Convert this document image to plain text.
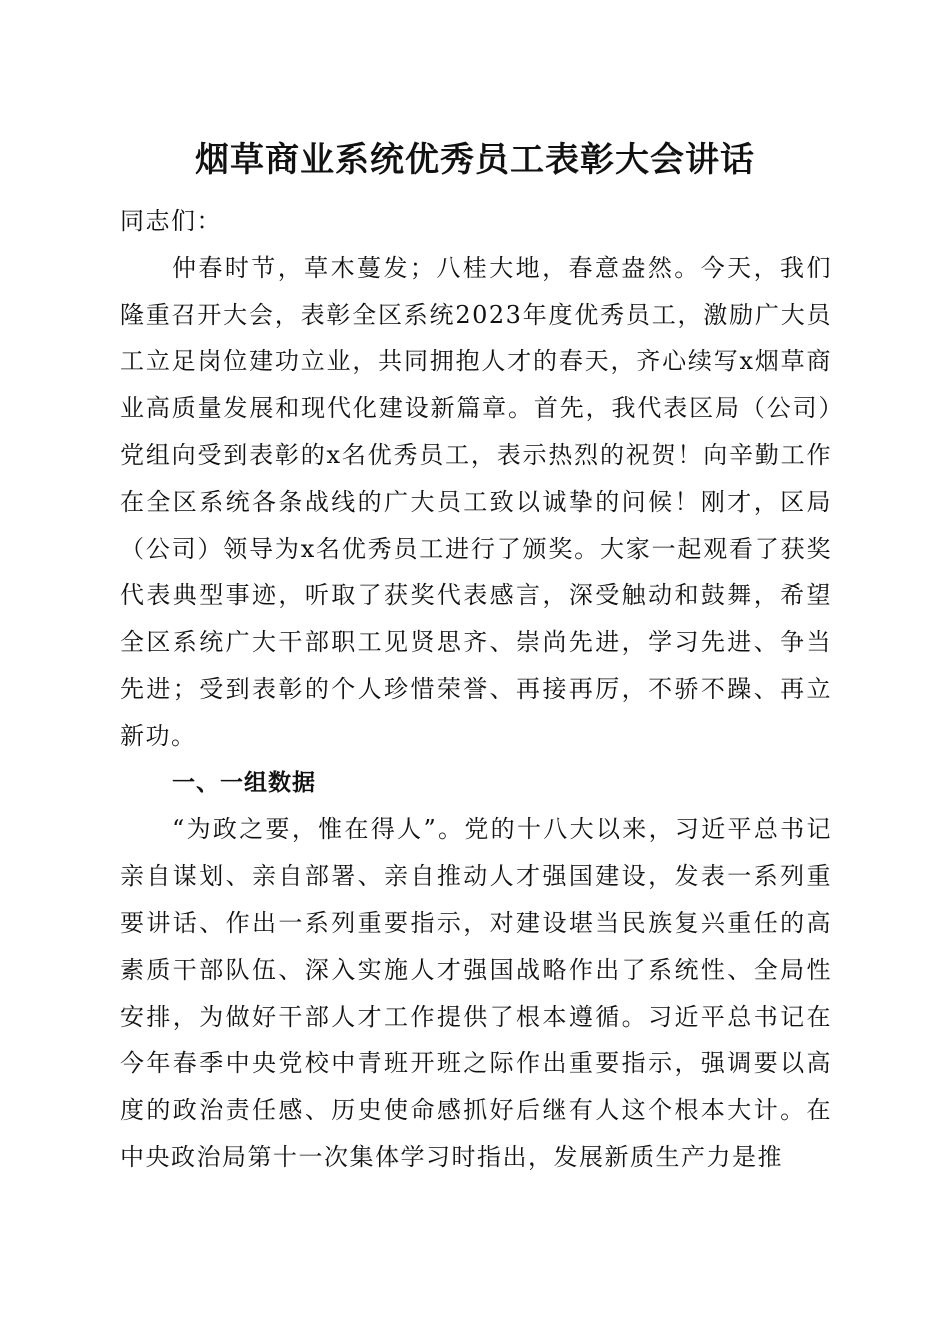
烟草商业系统优秀员工表彰大会讲话

同志们：

仲春时节，草木蔓发；八桂大地，春意盎然。今天，我们隆重召开大会，表彰全区系统2023年度优秀员工，激励广大员工立足岗位建功立业，共同拥抱人才的春天，齐心续写x烟草商业高质量发展和现代化建设新篇章。首先，我代表区局（公司）党组向受到表彰的x名优秀员工，表示热烈的祝贺！向辛勤工作在全区系统各条战线的广大员工致以诚挚的问候！刚才，区局（公司）领导为x名优秀员工进行了颁奖。大家一起观看了获奖代表典型事迹，听取了获奖代表感言，深受触动和鼓舞，希望全区系统广大干部职工见贤思齐、崇尚先进，学习先进、争当先进；受到表彰的个人珍惜荣誉、再接再厉，不骄不躁、再立新功。

一、一组数据

“为政之要，惟在得人”。党的十八大以来，习近平总书记亲自谋划、亲自部署、亲自推动人才强国建设，发表一系列重要讲话、作出一系列重要指示，对建设堪当民族复兴重任的高素质干部队伍、深入实施人才强国战略作出了系统性、全局性安排，为做好干部人才工作提供了根本遵循。习近平总书记在今年春季中央党校中青班开班之际作出重要指示，强调要以高度的政治责任感、历史使命感抓好后继有人这个根本大计。在中央政治局第十一次集体学习时指出，发展新质生产力是推
